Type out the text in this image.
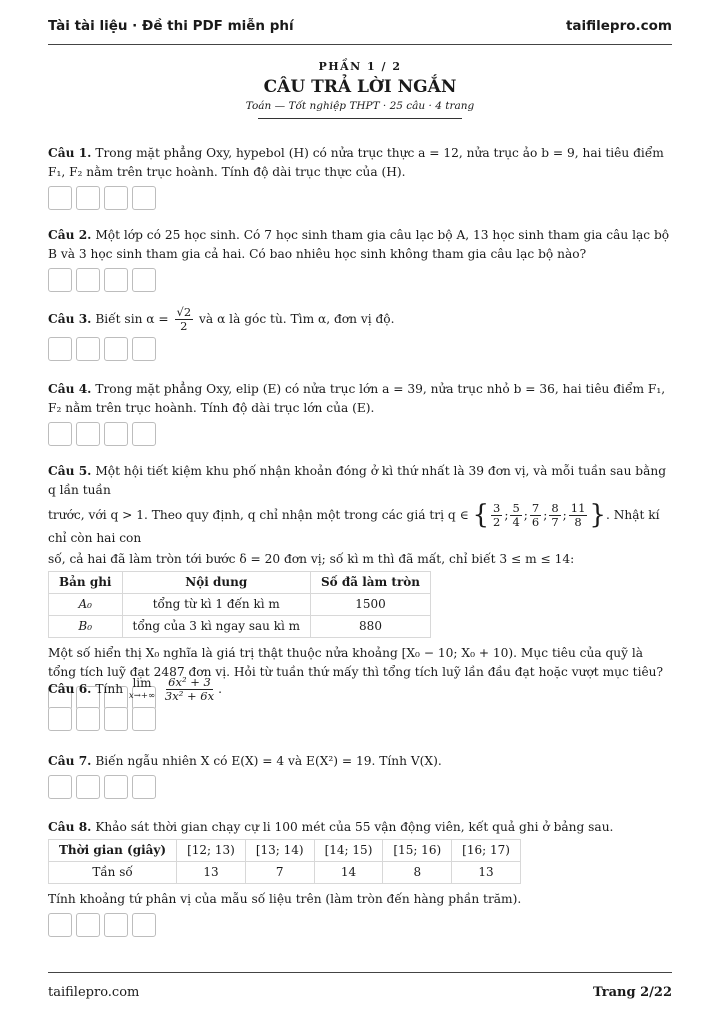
Tài tài liệu · Đề thi PDF miễn phí	taifilepro.com
PHẦN 1 / 2
CÂU TRẢ LỜI NGẮN
Toán — Tốt nghiệp THPT · 25 câu · 4 trang
Câu 1. Trong mặt phẳng Oxy, hypebol (H) có nửa trục thực a = 12, nửa trục ảo b = 9, hai tiêu điểm F₁, F₂ nằm trên trục hoành. Tính độ dài trục thực của (H).
Câu 2. Một lớp có 25 học sinh. Có 7 học sinh tham gia câu lạc bộ A, 13 học sinh tham gia câu lạc bộ B và 3 học sinh tham gia cả hai. Có bao nhiêu học sinh không tham gia câu lạc bộ nào?
Câu 3. Biết $\sin \alpha = \frac{√2}{2}$ và α là góc tù. Tìm α, đơn vị độ.
Câu 4. Trong mặt phẳng Oxy, elip (E) có nửa trục lớn a = 39, nửa trục nhỏ b = 36, hai tiêu điểm F₁, F₂ nằm trên trục hoành. Tính độ dài trục lớn của (E).
Câu 5. Một hội tiết kiệm khu phố nhận khoản đóng ở kì thứ nhất là 39 đơn vị, và mỗi tuần sau bằng q lần tuần
trước, với q > 1. Theo quy định, q chỉ nhận một trong các giá trị q ∈ { $\frac{3}{2}$ ; $\frac{5}{4}$ ; $\frac{7}{6}$ ; $\frac{8}{7}$ ; $\frac{11}{8}$ }. Nhật kí chỉ còn hai con
số, cả hai đã làm tròn tới bước δ = 20 đơn vị; số kì m thì đã mất, chỉ biết 3 ≤ m ≤ 14:
Bản ghi	Nội dung	Số đã làm tròn
A₀	tổng từ kì 1 đến kì m	1500
B₀	tổng của 3 kì ngay sau kì m	880
Một số hiển thị X₀ nghĩa là giá trị thật thuộc nửa khoảng [X₀ − 10; X₀ + 10). Mục tiêu của quỹ là tổng tích luỹ đạt 2487 đơn vị. Hỏi từ tuần thứ mấy thì tổng tích luỹ lần đầu đạt hoặc vượt mục tiêu?
Câu 6. Tính lim
x→+∞
$\frac{\text{6x² + 3}}{\text{3x² + 6x}}$ .
Câu 7. Biến ngẫu nhiên X có E(X) = 4 và E(X²) = 19. Tính V(X).
Câu 8. Khảo sát thời gian chạy cự li 100 mét của 55 vận động viên, kết quả ghi ở bảng sau.
Thời gian (giây)	[12; 13)	[13; 14)	[14; 15)	[15; 16)	[16; 17)
Tần số	13	7	14	8	13
Tính khoảng tứ phân vị của mẫu số liệu trên (làm tròn đến hàng phần trăm).
taifilepro.com	Trang 2/22
